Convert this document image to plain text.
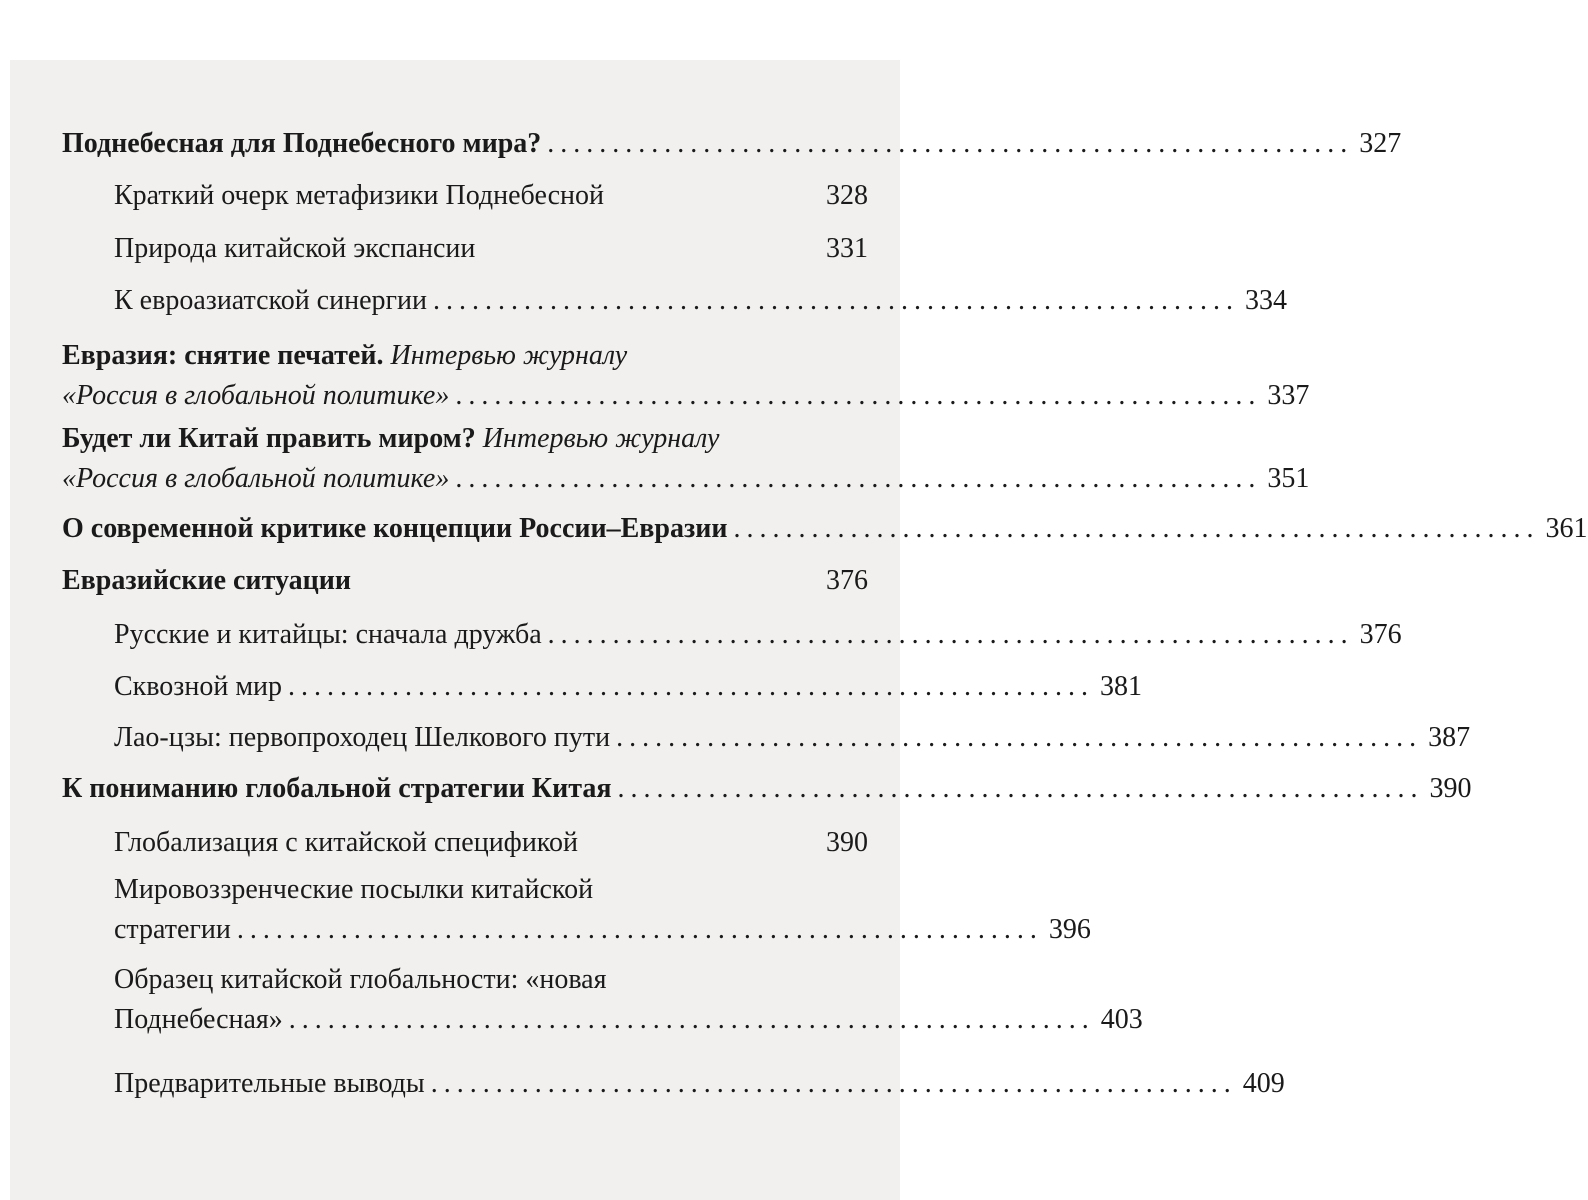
Поднебесная для Поднебесного мира? .............................................................. 327
Краткий очерк метафизики Поднебесной	328
Природа китайской экспансии	331
К евроазиатской синергии .............................................................. 334
Евразия: снятие печатей. Интервью журналу
«Россия в глобальной политике» .............................................................. 337
Будет ли Китай править миром? Интервью журналу
«Россия в глобальной политике» .............................................................. 351
О современной критике концепции России–Евразии .............................................................. 361
Евразийские ситуации	376
Русские и китайцы: сначала дружба .............................................................. 376
Сквозной мир .............................................................. 381
Лао-цзы: первопроходец Шелкового пути .............................................................. 387
К пониманию глобальной стратегии Китая .............................................................. 390
Глобализация с китайской спецификой	390
Мировоззренческие посылки китайской
стратегии .............................................................. 396
Образец китайской глобальности: «новая
Поднебесная» .............................................................. 403
Предварительные выводы .............................................................. 409
